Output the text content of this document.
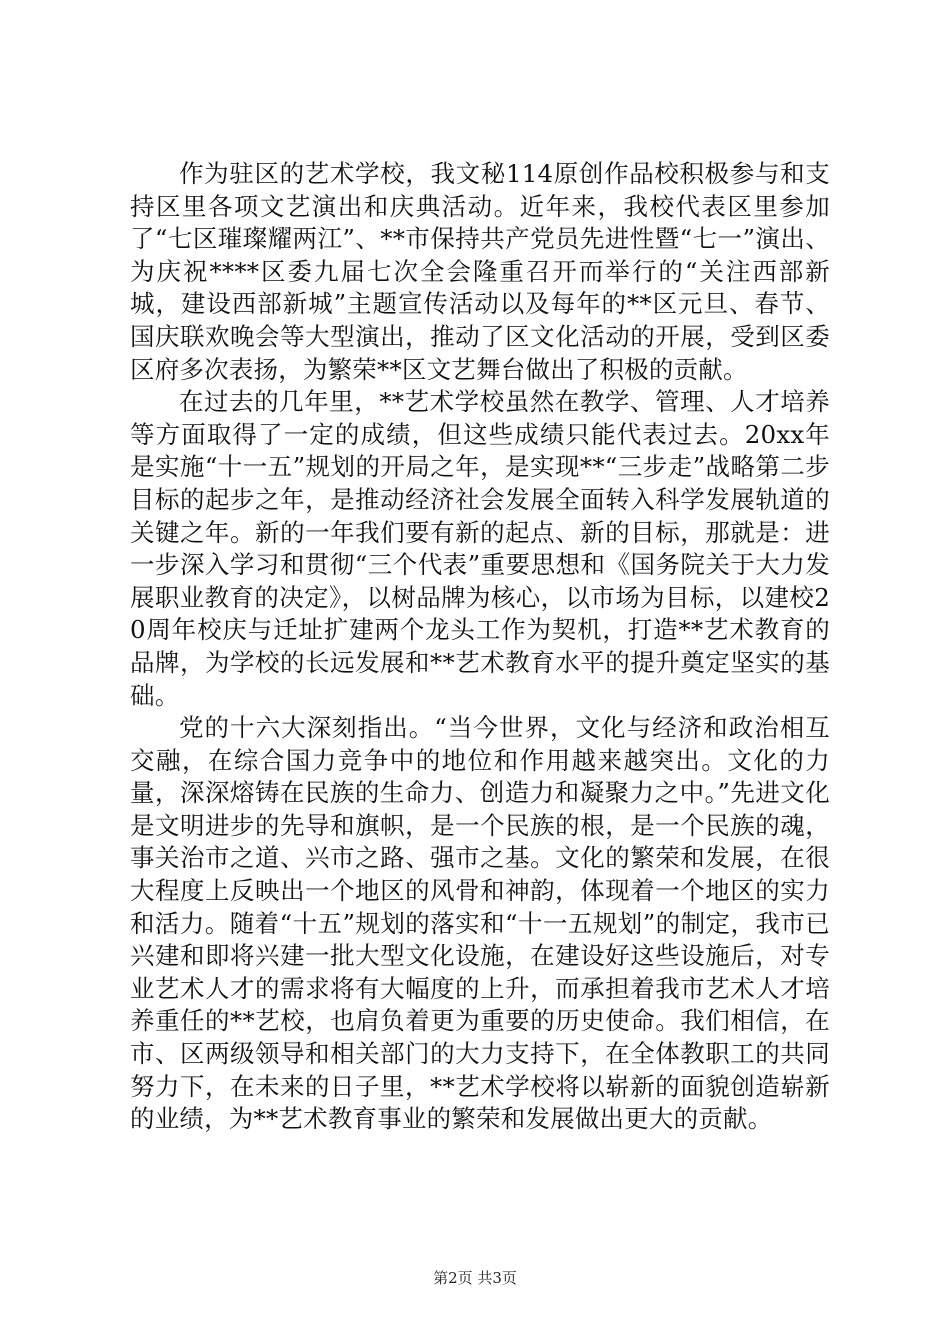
作为驻区的艺术学校，我文秘114原创作品校积极参与和支持区里各项文艺演出和庆典活动。近年来，我校代表区里参加了“七区璀璨耀两江”、**市保持共产党员先进性暨“七一”演出、为庆祝****区委九届七次全会隆重召开而举行的“关注西部新城，建设西部新城”主题宣传活动以及每年的**区元旦、春节、国庆联欢晚会等大型演出，推动了区文化活动的开展，受到区委区府多次表扬，为繁荣**区文艺舞台做出了积极的贡献。

在过去的几年里，**艺术学校虽然在教学、管理、人才培养等方面取得了一定的成绩，但这些成绩只能代表过去。20xx年是实施“十一五”规划的开局之年，是实现**“三步走”战略第二步目标的起步之年，是推动经济社会发展全面转入科学发展轨道的关键之年。新的一年我们要有新的起点、新的目标，那就是：进一步深入学习和贯彻“三个代表”重要思想和《国务院关于大力发展职业教育的决定》，以树品牌为核心，以市场为目标，以建校20周年校庆与迁址扩建两个龙头工作为契机，打造**艺术教育的品牌，为学校的长远发展和**艺术教育水平的提升奠定坚实的基础。

党的十六大深刻指出。“当今世界，文化与经济和政治相互交融，在综合国力竞争中的地位和作用越来越突出。文化的力量，深深熔铸在民族的生命力、创造力和凝聚力之中。”先进文化是文明进步的先导和旗帜，是一个民族的根，是一个民族的魂，事关治市之道、兴市之路、强市之基。文化的繁荣和发展，在很大程度上反映出一个地区的风骨和神韵，体现着一个地区的实力和活力。随着“十五”规划的落实和“十一五规划”的制定，我市已兴建和即将兴建一批大型文化设施，在建设好这些设施后，对专业艺术人才的需求将有大幅度的上升，而承担着我市艺术人才培养重任的**艺校，也肩负着更为重要的历史使命。我们相信，在市、区两级领导和相关部门的大力支持下，在全体教职工的共同努力下，在未来的日子里，**艺术学校将以崭新的面貌创造崭新的业绩，为**艺术教育事业的繁荣和发展做出更大的贡献。

第2页 共3页
